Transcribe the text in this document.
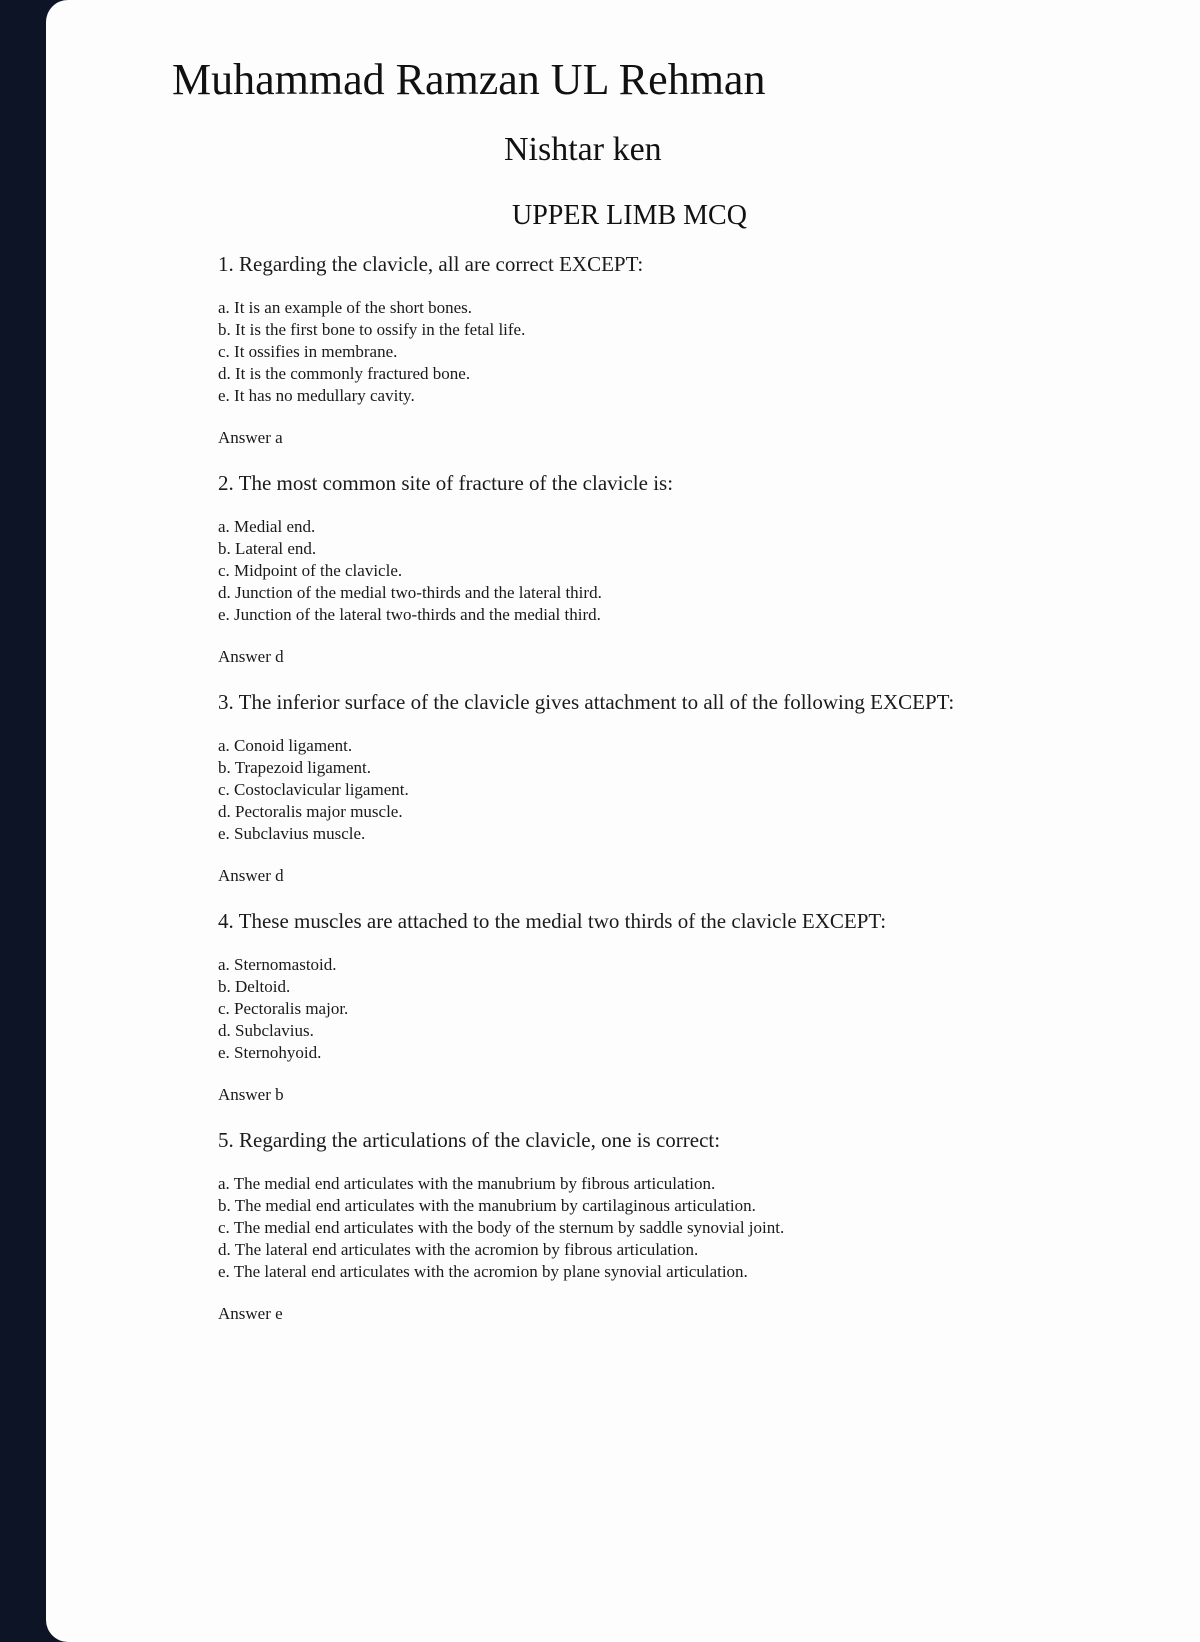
Muhammad Ramzan UL Rehman
Nishtar ken
UPPER LIMB MCQ

1. Regarding the clavicle, all are correct EXCEPT:

a. It is an example of the short bones.
b. It is the first bone to ossify in the fetal life.
c. It ossifies in membrane.
d. It is the commonly fractured bone.
e. It has no medullary cavity.

Answer a

2. The most common site of fracture of the clavicle is:

a. Medial end.
b. Lateral end.
c. Midpoint of the clavicle.
d. Junction of the medial two-thirds and the lateral third.
e. Junction of the lateral two-thirds and the medial third.

Answer d

3. The inferior surface of the clavicle gives attachment to all of the following EXCEPT:

a. Conoid ligament.
b. Trapezoid ligament.
c. Costoclavicular ligament.
d. Pectoralis major muscle.
e. Subclavius muscle.

Answer d

4. These muscles are attached to the medial two thirds of the clavicle EXCEPT:

a. Sternomastoid.
b. Deltoid.
c. Pectoralis major.
d. Subclavius.
e. Sternohyoid.

Answer b

5. Regarding the articulations of the clavicle, one is correct:

a. The medial end articulates with the manubrium by fibrous articulation.
b. The medial end articulates with the manubrium by cartilaginous articulation.
c. The medial end articulates with the body of the sternum by saddle synovial joint.
d. The lateral end articulates with the acromion by fibrous articulation.
e. The lateral end articulates with the acromion by plane synovial articulation.

Answer e
